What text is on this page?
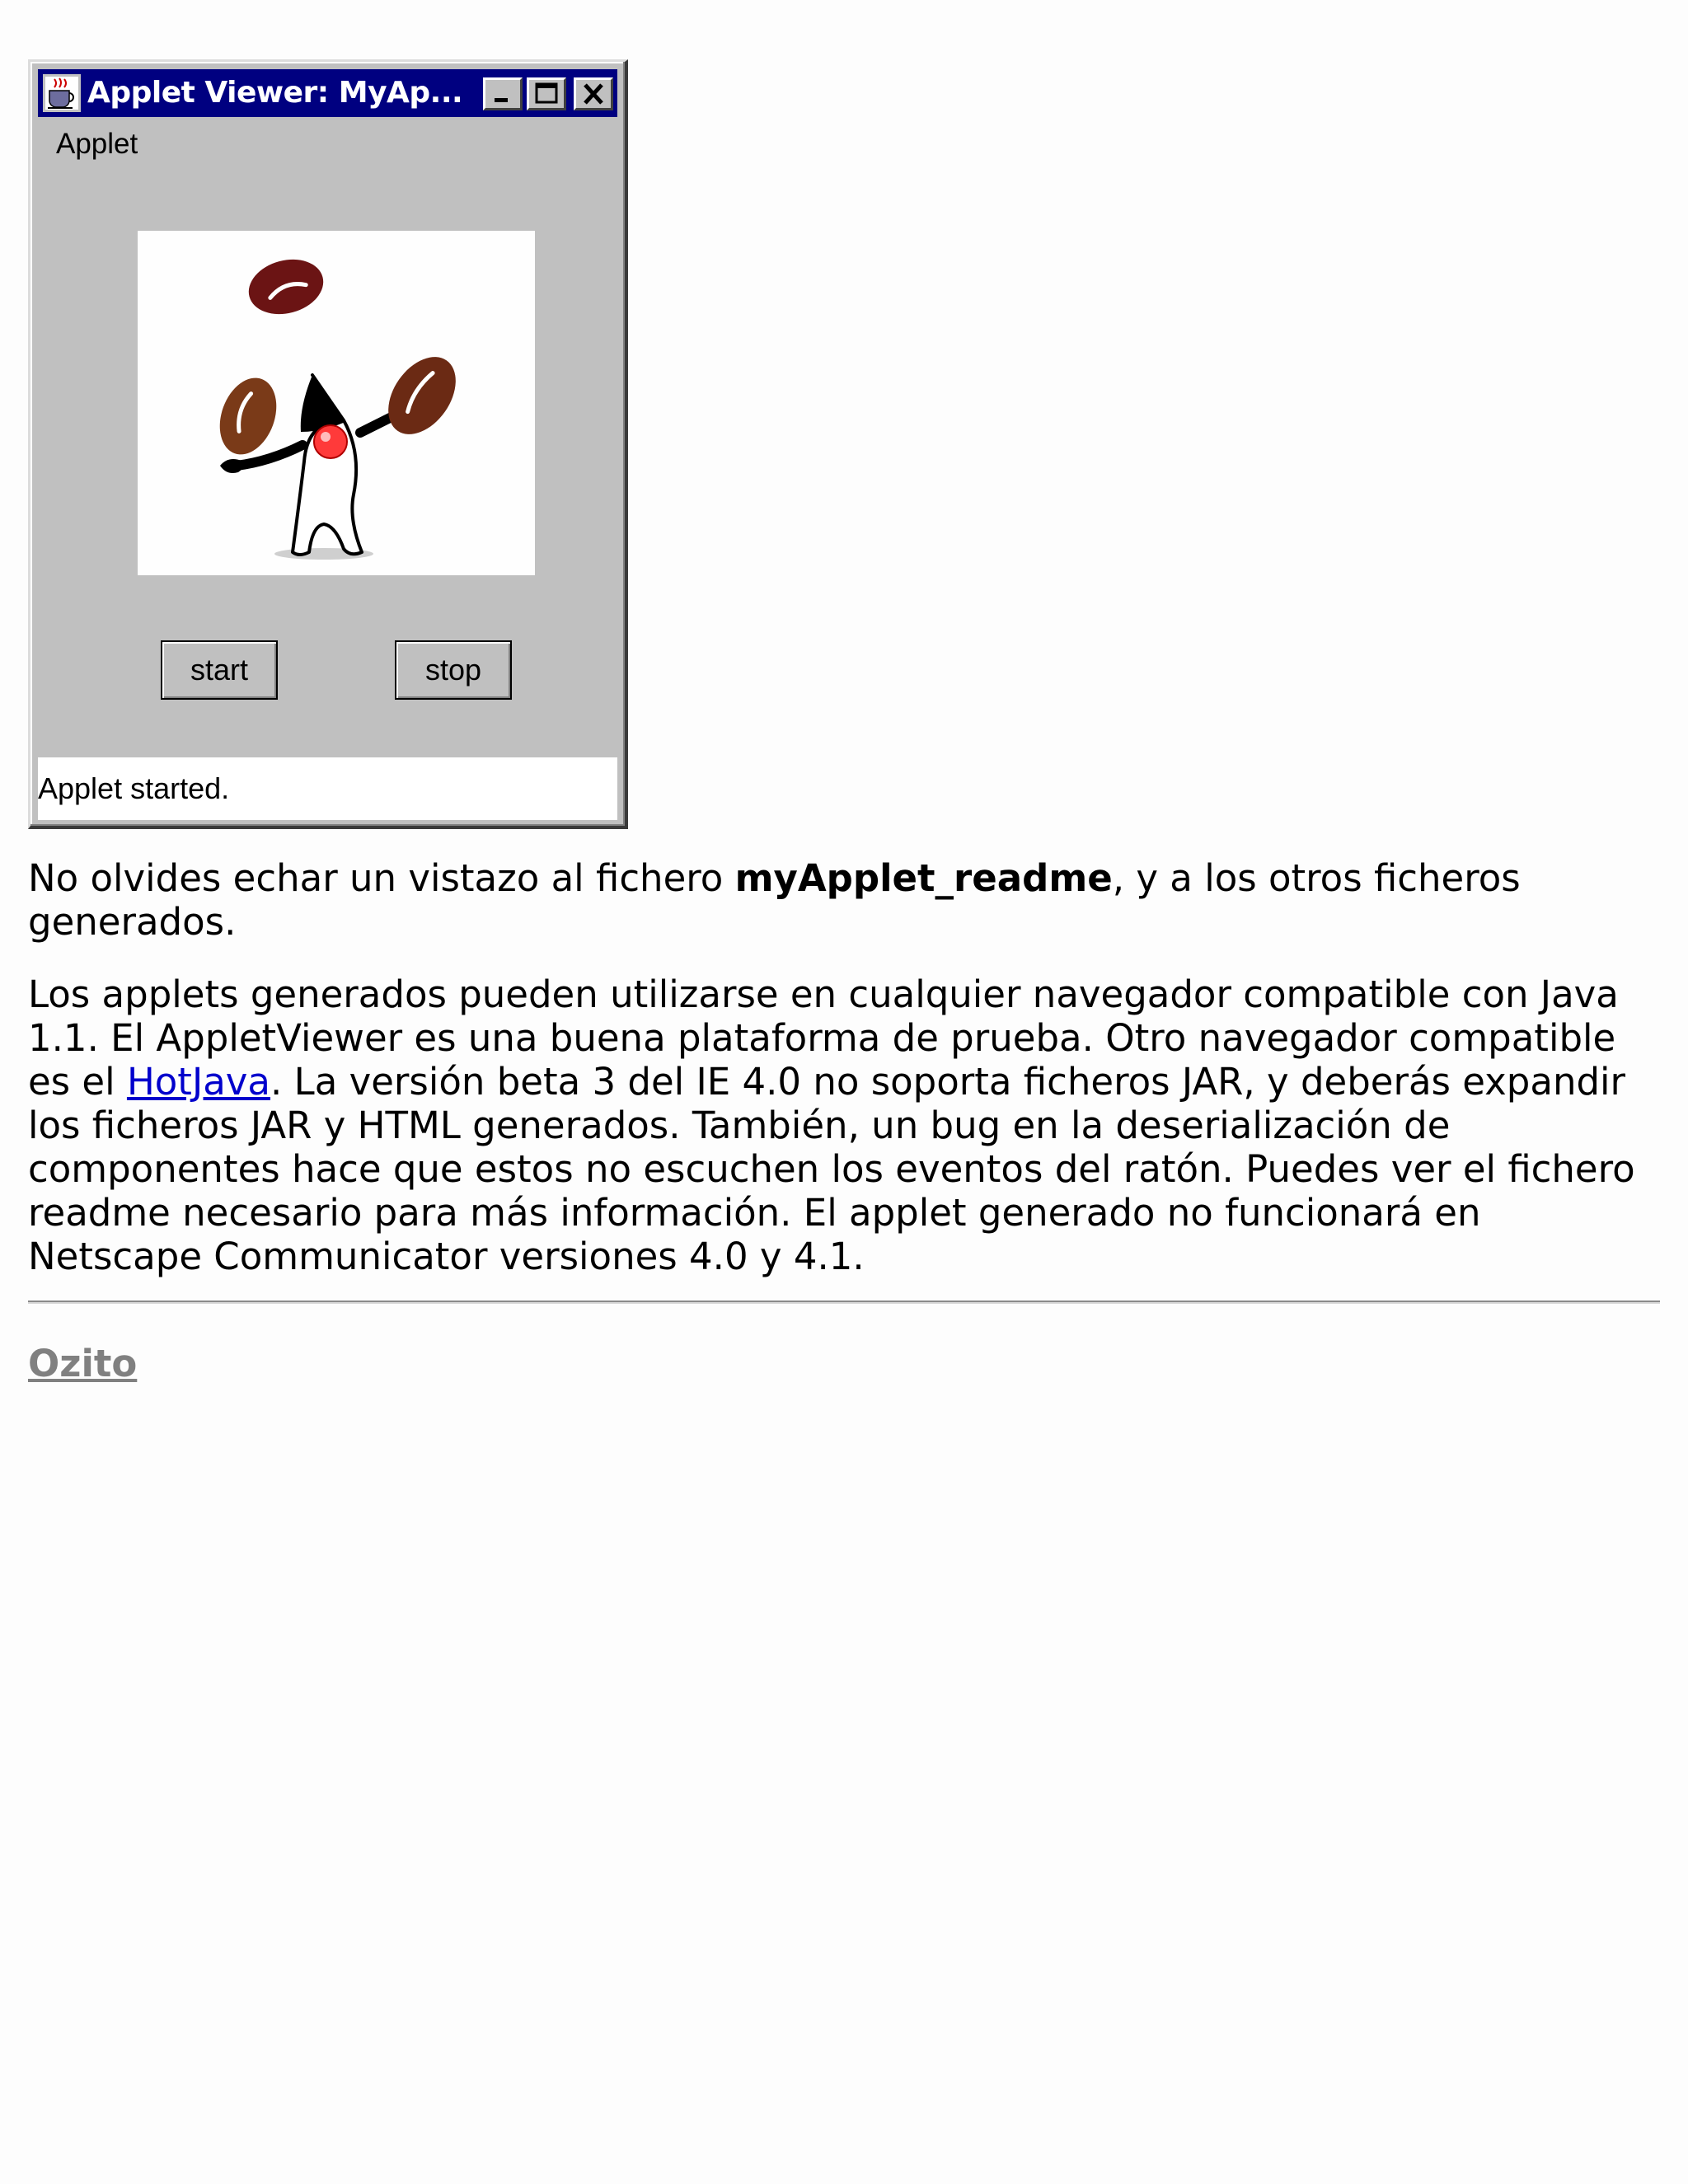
Applet Viewer: MyAp...
Applet
start	stop
Applet started.

No olvides echar un vistazo al fichero myApplet_readme, y a los otros ficheros generados.

Los applets generados pueden utilizarse en cualquier navegador compatible con Java 1.1. El AppletViewer es una buena plataforma de prueba. Otro navegador compatible es el HotJava. La versión beta 3 del IE 4.0 no soporta ficheros JAR, y deberás expandir los ficheros JAR y HTML generados. También, un bug en la deserialización de componentes hace que estos no escuchen los eventos del ratón. Puedes ver el fichero readme necesario para más información. El applet generado no funcionará en Netscape Communicator versiones 4.0 y 4.1.

Ozito
